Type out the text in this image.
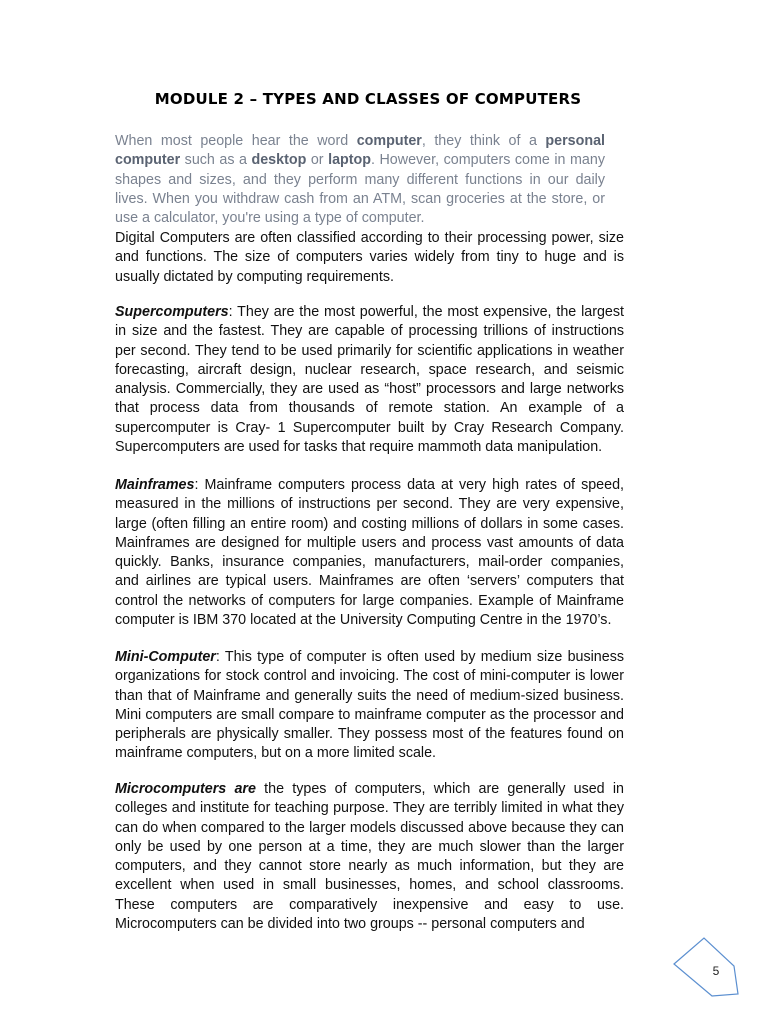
MODULE 2 – TYPES AND CLASSES OF COMPUTERS

When most people hear the word computer, they think of a personal computer such as a desktop or laptop. However, computers come in many shapes and sizes, and they perform many different functions in our daily lives. When you withdraw cash from an ATM, scan groceries at the store, or use a calculator, you're using a type of computer.

Digital Computers are often classified according to their processing power, size and functions. The size of computers varies widely from tiny to huge and is usually dictated by computing requirements.

Supercomputers: They are the most powerful, the most expensive, the largest in size and the fastest. They are capable of processing trillions of instructions per second. They tend to be used primarily for scientific applications in weather forecasting, aircraft design, nuclear research, space research, and seismic analysis. Commercially, they are used as “host” processors and large networks that process data from thousands of remote station. An example of a supercomputer is Cray- 1 Supercomputer built by Cray Research Company. Supercomputers are used for tasks that require mammoth data manipulation.

Mainframes: Mainframe computers process data at very high rates of speed, measured in the millions of instructions per second. They are very expensive, large (often filling an entire room) and costing millions of dollars in some cases. Mainframes are designed for multiple users and process vast amounts of data quickly. Banks, insurance companies, manufacturers, mail-order companies, and airlines are typical users. Mainframes are often ‘servers’ computers that control the networks of computers for large companies. Example of Mainframe computer is IBM 370 located at the University Computing Centre in the 1970’s.

Mini-Computer: This type of computer is often used by medium size business organizations for stock control and invoicing. The cost of mini-computer is lower than that of Mainframe and generally suits the need of medium-sized business. Mini computers are small compare to mainframe computer as the processor and peripherals are physically smaller. They possess most of the features found on mainframe computers, but on a more limited scale.

Microcomputers are the types of computers, which are generally used in colleges and institute for teaching purpose. They are terribly limited in what they can do when compared to the larger models discussed above because they can only be used by one person at a time, they are much slower than the larger computers, and they cannot store nearly as much information, but they are excellent when used in small businesses, homes, and school classrooms. These computers are comparatively inexpensive and easy to use. Microcomputers can be divided into two groups -- personal computers and

5
